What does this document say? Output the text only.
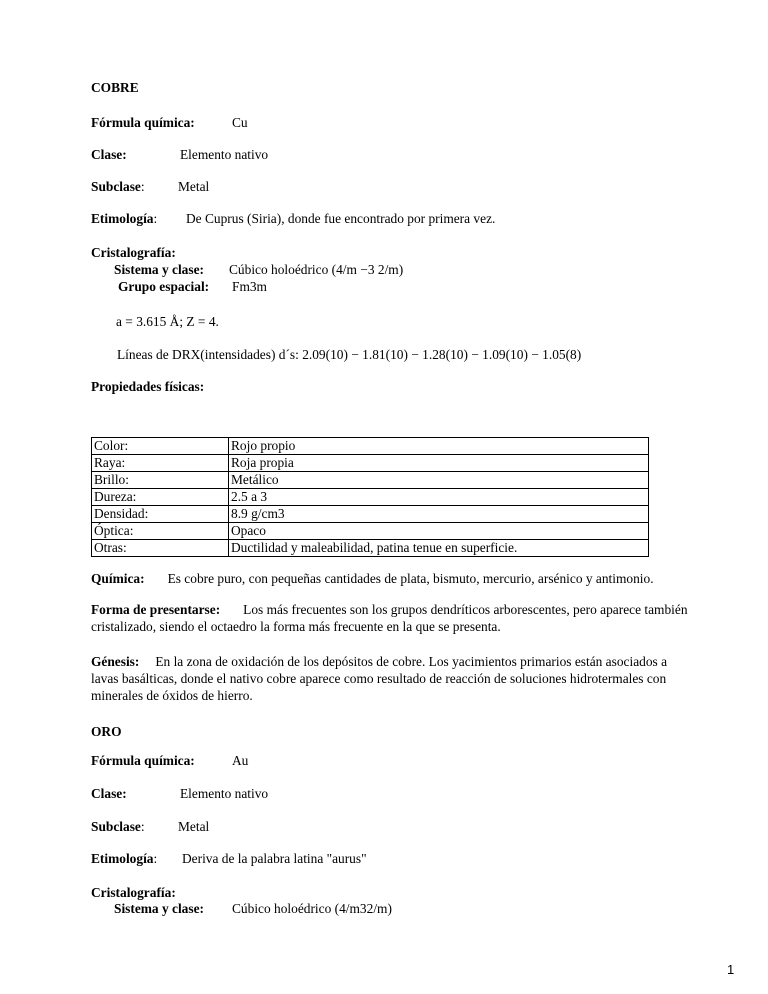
COBRE
Fórmula química:	Cu
Clase:	Elemento nativo
Subclase: Metal
Etimología: De Cuprus (Siria), donde fue encontrado por primera vez.
Cristalografía:
Sistema y clase: Cúbico holoédrico (4/m −3 2/m)
Grupo espacial: Fm3m
a = 3.615 Å; Z = 4.
Líneas de DRX(intensidades) d´s: 2.09(10) − 1.81(10) − 1.28(10) − 1.09(10) − 1.05(8)
Propiedades físicas:
Color:	Rojo propio
Raya:	Roja propia
Brillo:	Metálico
Dureza:	2.5 a 3
Densidad:	8.9 g/cm3
Óptica:	Opaco
Otras:	Ductilidad y maleabilidad, patina tenue en superficie.
Química: Es cobre puro, con pequeñas cantidades de plata, bismuto, mercurio, arsénico y antimonio.
Forma de presentarse: Los más frecuentes son los grupos dendríticos arborescentes, pero aparece también cristalizado, siendo el octaedro la forma más frecuente en la que se presenta.
Génesis: En la zona de oxidación de los depósitos de cobre. Los yacimientos primarios están asociados a lavas basálticas, donde el nativo cobre aparece como resultado de reacción de soluciones hidrotermales con minerales de óxidos de hierro.
ORO
Fórmula química:	Au
Clase:	Elemento nativo
Subclase: Metal
Etimología: Deriva de la palabra latina "aurus"
Cristalografía:
Sistema y clase: Cúbico holoédrico (4/m32/m)
1
